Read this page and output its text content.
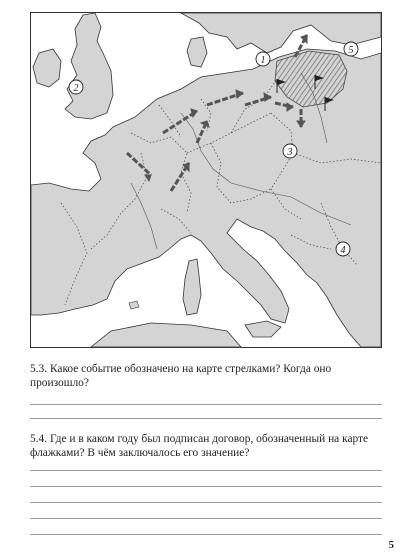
1
2
3
4
5
5.3. Какое событие обозначено на карте стрелками? Когда оно произошло?
5.4. Где и в каком году был подписан договор, обозначенный на карте флажками? В чём заключалось его значение?
5
